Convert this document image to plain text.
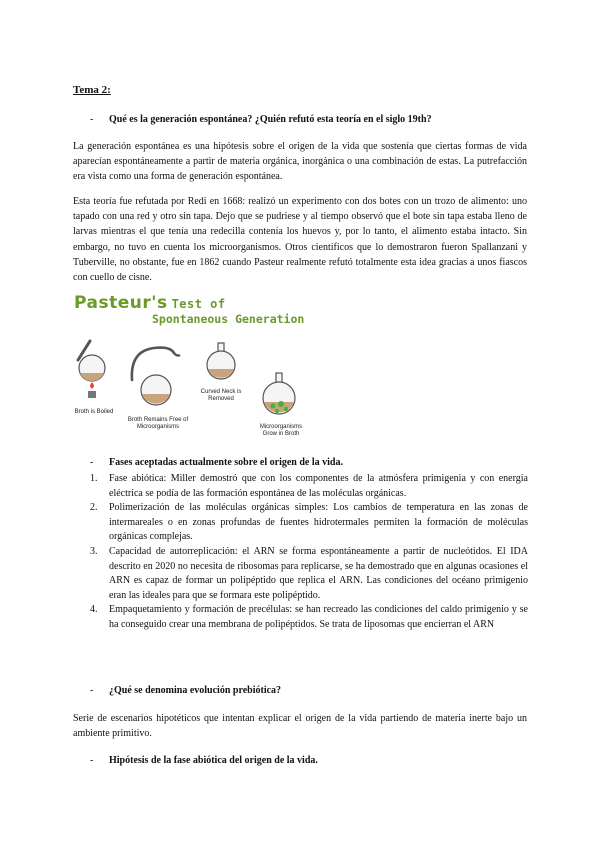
Tema 2:

-	Qué es la generación espontánea? ¿Quién refutó esta teoría en el siglo 19th?

La generación espontánea es una hipótesis sobre el origen de la vida que sostenía que ciertas formas de vida aparecían espontáneamente a partir de materia orgánica, inorgánica o una combinación de estas. La putrefacción era vista como una forma de generación espontánea.

Esta teoría fue refutada por Redi en 1668: realizó un experimento con dos botes con un trozo de alimento: uno tapado con una red y otro sin tapa. Dejo que se pudriese y al tiempo observó que el bote sin tapa estaba lleno de larvas mientras el que tenía una redecilla contenía los huevos y, por lo tanto, el alimento estaba intacto. Sin embargo, no tuvo en cuenta los microorganismos. Otros científicos que lo demostraron fueron Spallanzani y Tuberville, no obstante, fue en 1862 cuando Pasteur realmente refutó totalmente esta idea gracias a unos fiascos con cuello de cisne.

Pasteur's Test of

Spontaneous Generation

Broth is Boiled

Broth Remains Free of Microorganisms

Curved Neck is Removed

Microorganisms Grow in Broth

-	Fases aceptadas actualmente sobre el origen de la vida.

1.	Fase abiótica: Miller demostró que con los componentes de la atmósfera primigenia y con energía eléctrica se podía de las formación espontánea de las moléculas orgánicas.
2.	Polimerización de las moléculas orgánicas simples: Los cambios de temperatura en las zonas de intermareales o en zonas profundas de fuentes hidrotermales permiten la formación de moléculas orgánicas complejas.
3.	Capacidad de autorreplicación: el ARN se forma espontáneamente a partir de nucleótidos. El IDA descrito en 2020 no necesita de ribosomas para replicarse, se ha demostrado que en algunas ocasiones el ARN es capaz de formar un polipéptido que replica el ARN. Las condiciones del océano primigenio eran las ideales para que se formara este polipéptido.
4.	Empaquetamiento y formación de precélulas: se han recreado las condiciones del caldo primigenio y se ha conseguido crear una membrana de polipéptidos. Se trata de liposomas que encierran el ARN

-	¿Qué se denomina evolución prebiótica?

Serie de escenarios hipotéticos que intentan explicar el origen de la vida partiendo de materia inerte bajo un ambiente primitivo.

-	Hipótesis de la fase abiótica del origen de la vida.
